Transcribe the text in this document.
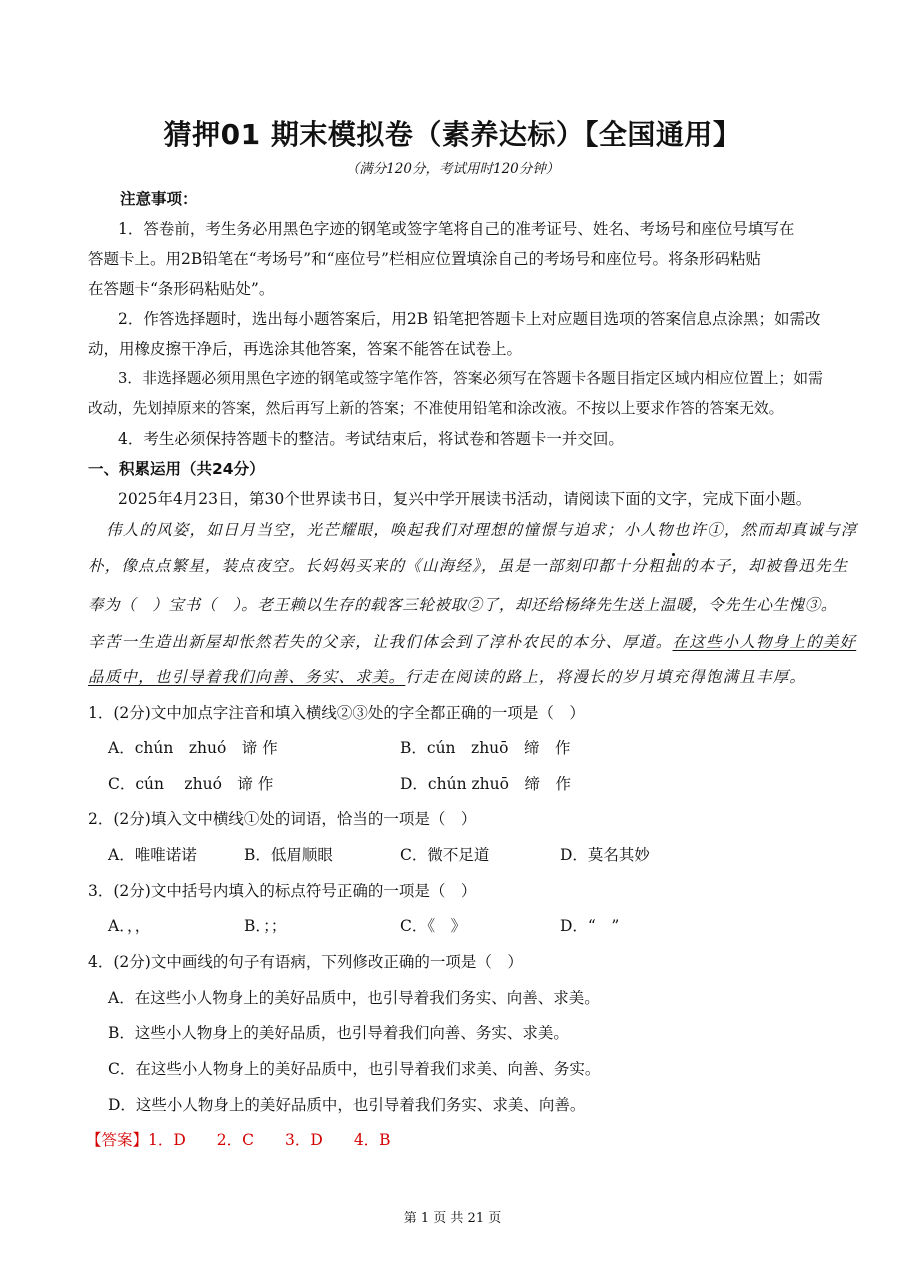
猜押01 期末模拟卷（素养达标）【全国通用】
（满分120分，考试用时120分钟）
注意事项：
1．答卷前，考生务必用黑色字迹的钢笔或签字笔将自己的准考证号、姓名、考场号和座位号填写在
答题卡上。用2B铅笔在“考场号”和“座位号”栏相应位置填涂自己的考场号和座位号。将条形码粘贴
在答题卡“条形码粘贴处”。
2．作答选择题时，选出每小题答案后，用2B 铅笔把答题卡上对应题目选项的答案信息点涂黑；如需改
动，用橡皮擦干净后，再选涂其他答案，答案不能答在试卷上。
3．非选择题必须用黑色字迹的钢笔或签字笔作答，答案必须写在答题卡各题目指定区域内相应位置上；如需
改动，先划掉原来的答案，然后再写上新的答案；不准使用铅笔和涂改液。不按以上要求作答的答案无效。
4．考生必须保持答题卡的整洁。考试结束后，将试卷和答题卡一并交回。
一、积累运用（共24分）
2025年4月23日，第30个世界读书日，复兴中学开展读书活动，请阅读下面的文字，完成下面小题。
伟人的风姿，如日月当空，光芒耀眼，唤起我们对理想的憧憬与追求；小人物也许①，然而却真诚与淳
朴，像点点繁星，装点夜空。长妈妈买来的《山海经》，虽是一部刻印都十分粗拙的本子，却被鲁迅先生
奉为（　）宝书（　）。老王赖以生存的载客三轮被取②了，却还给杨绛先生送上温暖，令先生心生愧③。
辛苦一生造出新屋却怅然若失的父亲，让我们体会到了淳朴农民的本分、厚道。在这些小人物身上的美好
品质中，也引导着我们向善、务实、求美。行走在阅读的路上，将漫长的岁月填充得饱满且丰厚。
1．(2分)文中加点字注音和填入横线②③处的字全都正确的一项是（　）
A．chún　zhuó　谛 作	B．cún　zhuō　缔　作
C．cún　 zhuó　谛 作	D．chún zhuō　缔　作
2．(2分)填入文中横线①处的词语，恰当的一项是（　）
A．唯唯诺诺	B．低眉顺眼	C．微不足道	D．莫名其妙
3．(2分)文中括号内填入的标点符号正确的一项是（　）
A．，，	B．；；	C．《　》	D．“　”
4．(2分)文中画线的句子有语病，下列修改正确的一项是（　）
A．在这些小人物身上的美好品质中，也引导着我们务实、向善、求美。
B．这些小人物身上的美好品质，也引导着我们向善、务实、求美。
C．在这些小人物身上的美好品质中，也引导着我们求美、向善、务实。
D．这些小人物身上的美好品质中，也引导着我们务实、求美、向善。
【答案】1．D　　2．C　　3．D　　4．B
第 1 页 共 21 页
